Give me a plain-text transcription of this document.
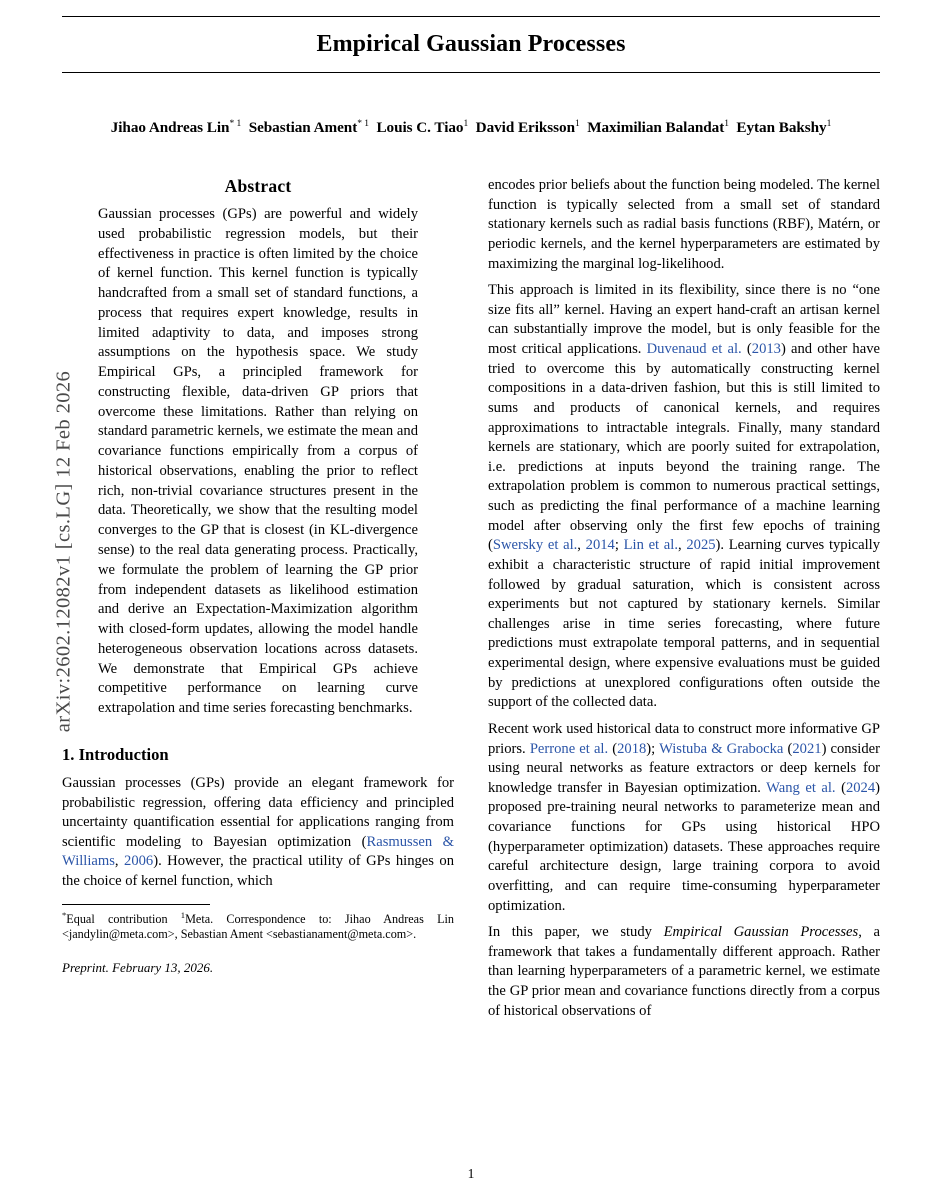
arXiv:2602.12082v1 [cs.LG] 12 Feb 2026
Empirical Gaussian Processes
Jihao Andreas Lin$^{* 1}$ Sebastian Ament$^{* 1}$ Louis C. Tiao$^1$ David Eriksson$^1$ Maximilian Balandat$^1$ Eytan Bakshy$^1$
Abstract
Gaussian processes (GPs) are powerful and widely used probabilistic regression models, but their effectiveness in practice is often limited by the choice of kernel function. This kernel function is typically handcrafted from a small set of standard functions, a process that requires expert knowledge, results in limited adaptivity to data, and imposes strong assumptions on the hypothesis space. We study Empirical GPs, a principled framework for constructing flexible, data-driven GP priors that overcome these limitations. Rather than relying on standard parametric kernels, we estimate the mean and covariance functions empirically from a corpus of historical observations, enabling the prior to reflect rich, non-trivial covariance structures present in the data. Theoretically, we show that the resulting model converges to the GP that is closest (in KL-divergence sense) to the real data generating process. Practically, we formulate the problem of learning the GP prior from independent datasets as likelihood estimation and derive an Expectation-Maximization algorithm with closed-form updates, allowing the model handle heterogeneous observation locations across datasets. We demonstrate that Empirical GPs achieve competitive performance on learning curve extrapolation and time series forecasting benchmarks.
1. Introduction

Gaussian processes (GPs) provide an elegant framework for probabilistic regression, offering data efficiency and principled uncertainty quantification essential for applications ranging from scientific modeling to Bayesian optimization (Rasmussen & Williams, 2006). However, the practical utility of GPs hinges on the choice of kernel function, which

*Equal contribution $^1$Meta. Correspondence to: Jihao Andreas Lin <jandylin@meta.com>, Sebastian Ament <sebastianament@meta.com>.
Preprint. February 13, 2026.

encodes prior beliefs about the function being modeled. The kernel function is typically selected from a small set of standard stationary kernels such as radial basis functions (RBF), Matérn, or periodic kernels, and the kernel hyperparameters are estimated by maximizing the marginal log-likelihood.

This approach is limited in its flexibility, since there is no “one size fits all” kernel. Having an expert hand-craft an artisan kernel can substantially improve the model, but is only feasible for the most critical applications. Duvenaud et al. (2013) and other have tried to overcome this by automatically constructing kernel compositions in a data-driven fashion, but this is still limited to sums and products of canonical kernels, and requires approximations to intractable integrals. Finally, many standard kernels are stationary, which are poorly suited for extrapolation, i.e. predictions at inputs beyond the training range. The extrapolation problem is common to numerous practical settings, such as predicting the final performance of a machine learning model after observing only the first few epochs of training (Swersky et al., 2014; Lin et al., 2025). Learning curves typically exhibit a characteristic structure of rapid initial improvement followed by gradual saturation, which is consistent across experiments but not captured by stationary kernels. Similar challenges arise in time series forecasting, where future predictions must extrapolate temporal patterns, and in sequential experimental design, where expensive evaluations must be guided by predictions at unexplored configurations often outside the support of the collected data.

Recent work used historical data to construct more informative GP priors. Perrone et al. (2018); Wistuba & Grabocka (2021) consider using neural networks as feature extractors or deep kernels for knowledge transfer in Bayesian optimization. Wang et al. (2024) proposed pre-training neural networks to parameterize mean and covariance functions for GPs using historical HPO (hyperparameter optimization) datasets. These approaches require careful architecture design, large training corpora to avoid overfitting, and can require time-consuming hyperparameter optimization.

In this paper, we study Empirical Gaussian Processes, a framework that takes a fundamentally different approach. Rather than learning hyperparameters of a parametric kernel, we estimate the GP prior mean and covariance functions directly from a corpus of historical observations of

1
